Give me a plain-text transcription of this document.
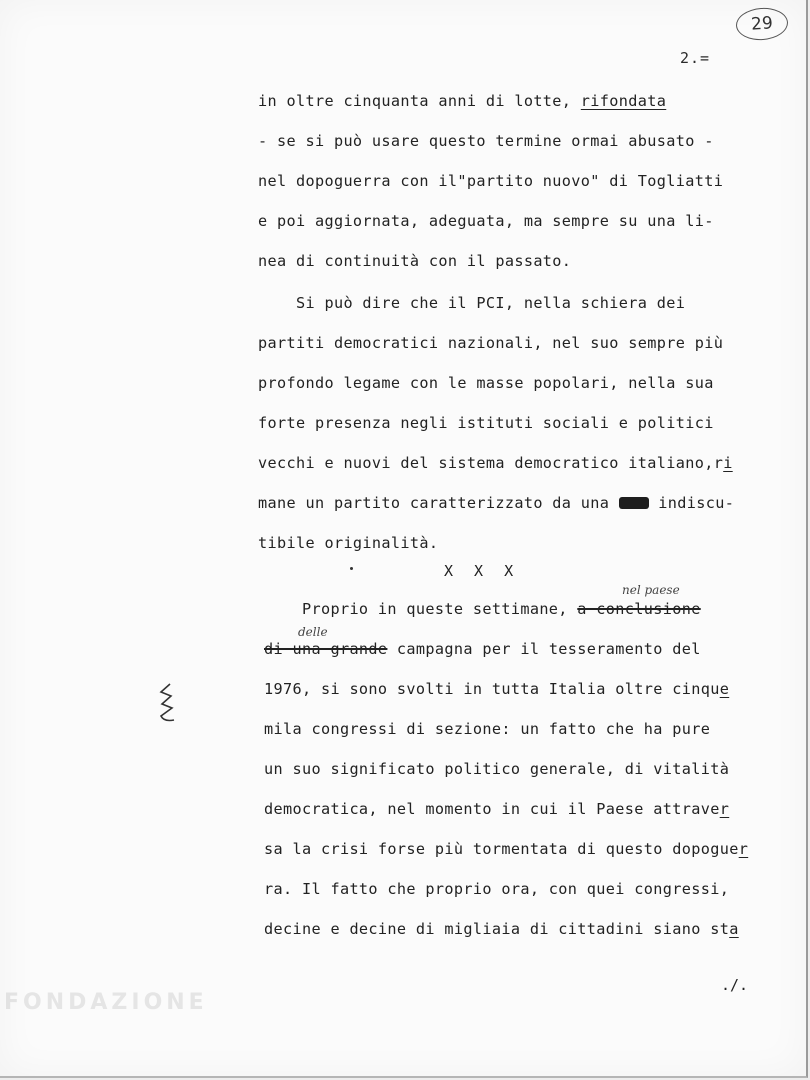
29
2.=
in oltre cinquanta anni di lotte, rifondata
- se si può usare questo termine ormai abusato -
nel dopoguerra con il"partito nuovo" di Togliatti
e poi aggiornata, adeguata, ma sempre su una li-
nea di continuità con il passato.
Si può dire che il PCI, nella schiera dei
partiti democratici nazionali, nel suo sempre più
profondo legame con le masse popolari, nella sua
forte presenza negli istituti sociali e politici
vecchi e nuovi del sistema democratico italiano,ri
mane un partito caratterizzato da una  indiscu-
tibile originalità.
X X X
nel paese
delle
Proprio in queste settimane, a conclusione
di una grande campagna per il tesseramento del
1976, si sono svolti in tutta Italia oltre cinque
mila congressi di sezione: un fatto che ha pure
un suo significato politico generale, di vitalità
democratica, nel momento in cui il Paese attraver
sa la crisi forse più tormentata di questo dopoguer
ra. Il fatto che proprio ora, con quei congressi,
decine e decine di migliaia di cittadini siano sta
./.
FONDAZIONE
